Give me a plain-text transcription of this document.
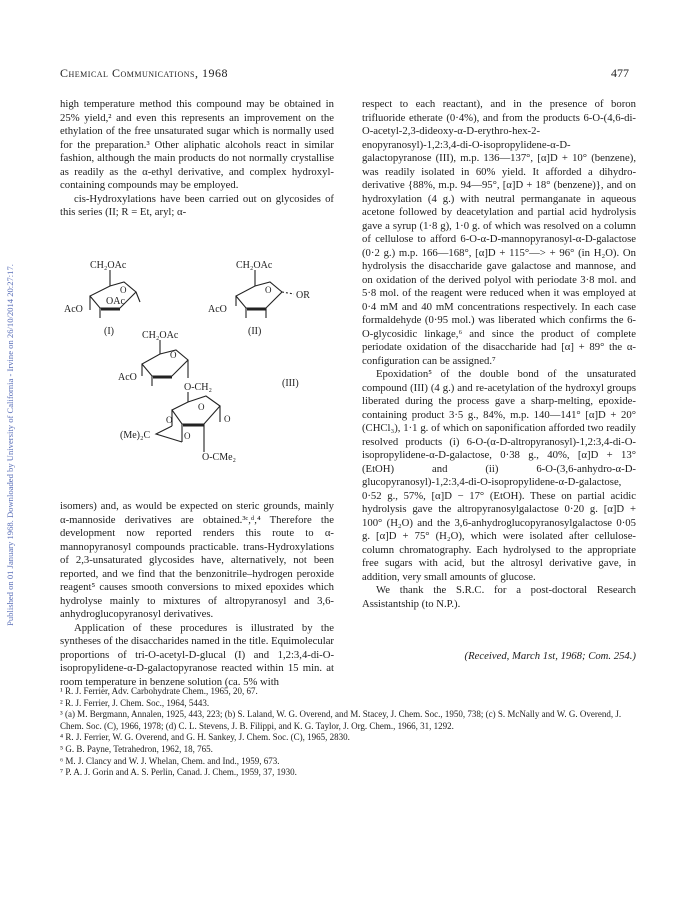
Published on 01 January 1968. Downloaded by University of California - Irvine on 26/10/2014 20:27:17.
Chemical Communications, 1968	477

high temperature method this compound may be obtained in 25% yield,² and even this represents an improvement on the ethylation of the free unsaturated sugar which is normally used for the preparation.³ Other aliphatic alcohols react in similar fashion, although the main products do not normally crystallise as readily as the α-ethyl derivative, and complex hydroxyl-containing compounds may be employed.

cis-Hydroxylations have been carried out on glycosides of this series (II; R = Et, aryl; α-

CH₂OAc
O
OAc
AcO
(I)
CH₂OAc
O OR
AcO
(II)
CH₂OAc
O
AcO
O-CH₂	(III)
O
O
O
(Me)₂C	O
O-CMe₂

isomers) and, as would be expected on steric grounds, mainly α-mannoside derivatives are obtained.³ᶜ,ᵈ,⁴ Therefore the development now reported renders this route to α-mannopyranosyl compounds practicable. trans-Hydroxylations of 2,3-unsaturated glycosides have, alternatively, not been reported, and we find that the benzonitrile–hydrogen peroxide reagent⁵ causes smooth conversions to mixed epoxides which hydrolyse mainly to mixtures of altropyranosyl and 3,6-anhydroglucopyranosyl derivatives.

Application of these procedures is illustrated by the syntheses of the disaccharides named in the title. Equimolecular proportions of tri-O-acetyl-D-glucal (I) and 1,2:3,4-di-O-isopropylidene-α-D-galactopyranose reacted within 15 min. at room temperature in benzene solution (ca. 5% with

respect to each reactant), and in the presence of boron trifluoride etherate (0·4%), and from the products 6-O-(4,6-di-O-acetyl-2,3-dideoxy-α-D-erythro-hex-2-enopyranosyl)-1,2:3,4-di-O-isopropylidene-α-D-galactopyranose (III), m.p. 136—137°, [α]D + 10° (benzene), was readily isolated in 60% yield. It afforded a dihydro-derivative {88%, m.p. 94—95°, [α]D + 18° (benzene)}, and on hydroxylation (4 g.) with neutral permanganate in aqueous acetone followed by deacetylation and partial acid hydrolysis gave a syrup (1·8 g), 1·0 g. of which was resolved on a column of cellulose to afford 6-O-α-D-mannopyranosyl-α-D-galactose (0·2 g.) m.p. 166—168°, [α]D + 115°—> + 96° (in H₂O). On hydrolysis the disaccharide gave galactose and mannose, and on oxidation of the derived polyol with periodate 3·8 mol. and 5·8 mol. of the reagent were reduced when it was employed at 0·4 mM and 40 mM concentrations respectively. In each case formaldehyde (0·95 mol.) was liberated which confirms the 6-O-glycosidic linkage,⁶ and since the product of complete periodate oxidation of the disaccharide had [α] + 89° the α-configuration can be assigned.⁷

Epoxidation⁵ of the double bond of the unsaturated compound (III) (4 g.) and re-acetylation of the hydroxyl groups liberated during the process gave a sharp-melting, epoxide-containing product 3·5 g., 84%, m.p. 140—141° [α]D + 20° (CHCl₃), 1·1 g. of which on saponification afforded two readily resolved products (i) 6-O-(α-D-altropyranosyl)-1,2:3,4-di-O-isopropylidene-α-D-galactose, 0·38 g., 40%, [α]D + 13° (EtOH) and (ii) 6-O-(3,6-anhydro-α-D-glucopyranosyl)-1,2:3,4-di-O-isopropylidene-α-D-galactose, 0·52 g., 57%, [α]D − 17° (EtOH). These on partial acidic hydrolysis gave the altropyranosylgalactose 0·20 g. [α]D + 100° (H₂O) and the 3,6-anhydroglucopyranosylgalactose 0·05 g. [α]D + 75° (H₂O), which were isolated after cellulose-column chromatography. Each hydrolysed to the appropriate free sugars with acid, but the altrosyl derivative gave, in addition, very small amounts of glucose.

We thank the S.R.C. for a post-doctoral Research Assistantship (to N.P.).

(Received, March 1st, 1968; Com. 254.)

¹ R. J. Ferrier, Adv. Carbohydrate Chem., 1965, 20, 67.

² R. J. Ferrier, J. Chem. Soc., 1964, 5443.

³ (a) M. Bergmann, Annalen, 1925, 443, 223; (b) S. Laland, W. G. Overend, and M. Stacey, J. Chem. Soc., 1950, 738; (c) S. McNally and W. G. Overend, J. Chem. Soc. (C), 1966, 1978; (d) C. L. Stevens, J. B. Filippi, and K. G. Taylor, J. Org. Chem., 1966, 31, 1292.

⁴ R. J. Ferrier, W. G. Overend, and G. H. Sankey, J. Chem. Soc. (C), 1965, 2830.

⁵ G. B. Payne, Tetrahedron, 1962, 18, 765.

⁶ M. J. Clancy and W. J. Whelan, Chem. and Ind., 1959, 673.

⁷ P. A. J. Gorin and A. S. Perlin, Canad. J. Chem., 1959, 37, 1930.
